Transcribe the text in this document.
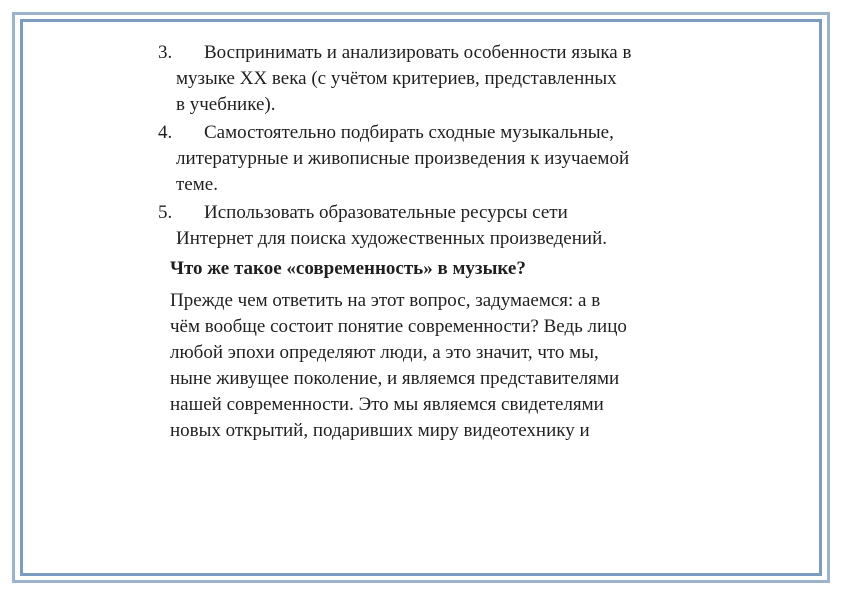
3.	Воспринимать и анализировать особенности языка в
музыке XX века (с учётом критериев, представленных
в учебнике).
4.	Самостоятельно подбирать сходные музыкальные,
литературные и живописные произведения к изучаемой
теме.
5.	Использовать образовательные ресурсы сети
Интернет для поиска художественных произведений.
Что же такое «современность» в музыке?
Прежде чем ответить на этот вопрос, задумаемся: а в
чём вообще состоит понятие современности? Ведь лицо
любой эпохи определяют люди, а это значит, что мы,
ныне живущее поколение, и являемся представителями
нашей современности. Это мы являемся свидетелями
новых открытий, подаривших миру видеотехнику и
